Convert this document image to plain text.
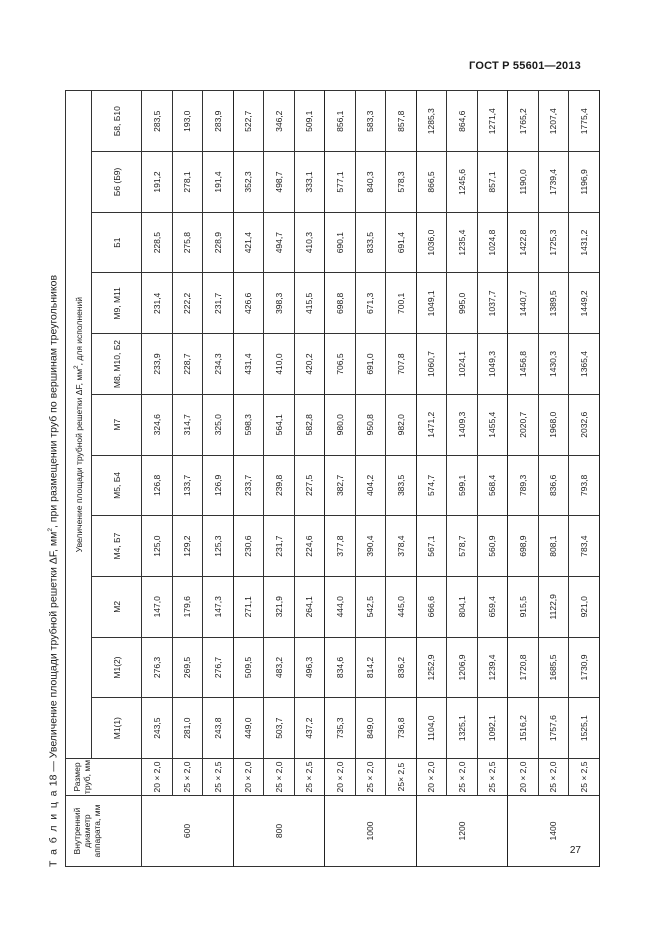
ГОСТ Р 55601—2013
Т а б л и ц а 18 — Увеличение площади трубной решетки ΔF, $мм^2$, при размещении труб по вершинам треугольников
Внутренний диаметр аппарата, мм	Размер труб, мм	Увеличение площади трубной решетки ΔF, $мм^2$, для исполнений										
		М1(1)	М1(2)	М2	М4, Б7	М5, Б4	М7	М8, М10, Б2	М9, М11	Б1	Б6 (Б9)	Б8, Б10
600	20 × 2,0	243,5	276,3	147,0	125,0	126,8	324,6	233,9	231,4	228,5	191,2	283,5
	25 × 2,0	281,0	269,5	179,6	129,2	133,7	314,7	228,7	222,2	275,8	278,1	193,0
	25 × 2,5	243,8	276,7	147,3	125,3	126,9	325,0	234,3	231,7	228,9	191,4	283,9
800	20 × 2,0	449,0	509,5	271,1	230,6	233,7	598,3	431,4	426,6	421,4	352,3	522,7
	25 × 2,0	503,7	483,2	321,9	231,7	239,8	564,1	410,0	398,3	494,7	498,7	346,2
	25 × 2,5	437,2	496,3	264,1	224,6	227,5	582,8	420,2	415,5	410,3	333,1	509,1
1000	20 × 2,0	735,3	834,6	444,0	377,8	382,7	980,0	706,5	698,8	690,1	577,1	856,1
	25 × 2,0	849,0	814,2	542,5	390,4	404,2	950,8	691,0	671,3	833,5	840,3	583,3
	25× 2,5	736,8	836,2	445,0	378,4	383,5	982,0	707,8	700,1	691,4	578,3	857,8
1200	20 × 2,0	1104,0	1252,9	666,6	567,1	574,7	1471,2	1060,7	1049,1	1036,0	866,5	1285,3
	25 × 2,0	1325,1	1206,9	804,1	578,7	599,1	1409,3	1024,1	995,0	1235,4	1245,6	864,6
	25 × 2,5	1092,1	1239,4	659,4	560,9	568,4	1455,4	1049,3	1037,7	1024,8	857,1	1271,4
1400	20 × 2,0	1516,2	1720,8	915,5	698,9	789,3	2020,7	1456,8	1440,7	1422,8	1190,0	1765,2
	25 × 2,0	1757,6	1685,5	1122,9	808,1	836,6	1968,0	1430,3	1389,5	1725,3	1739,4	1207,4
	25 × 2,5	1525,1	1730,9	921,0	783,4	793,8	2032,6	1365,4	1449,2	1431,2	1196,9	1775,4
27
